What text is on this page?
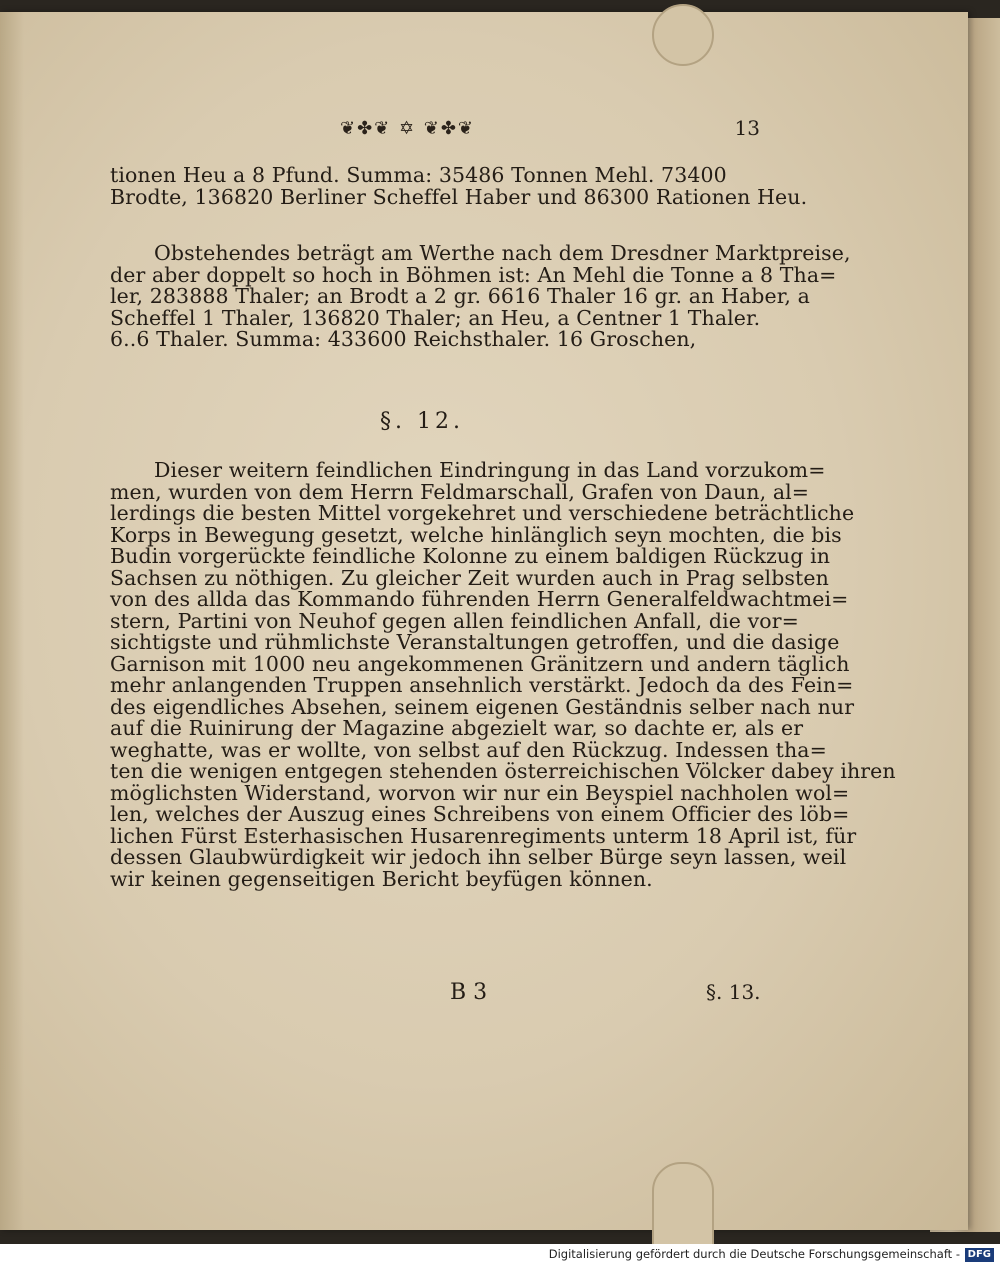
❦✤❦ ✡ ❦✤❦	13
tionen Heu a 8 Pfund. Summa: 35486 Tonnen Mehl. 73400
Brodte, 136820 Berliner Scheffel Haber und 86300 Rationen Heu.
Obstehendes beträgt am Werthe nach dem Dresdner Marktpreise,
der aber doppelt so hoch in Böhmen ist: An Mehl die Tonne a 8 Tha=
ler, 283888 Thaler; an Brodt a 2 gr. 6616 Thaler 16 gr. an Haber, a
Scheffel 1 Thaler, 136820 Thaler; an Heu, a Centner 1 Thaler.
6..6 Thaler. Summa: 433600 Reichsthaler. 16 Groschen,
§. 12.
Dieser weitern feindlichen Eindringung in das Land vorzukom=
men, wurden von dem Herrn Feldmarschall, Grafen von Daun, al=
lerdings die besten Mittel vorgekehret und verschiedene beträchtliche
Korps in Bewegung gesetzt, welche hinlänglich seyn mochten, die bis
Budin vorgerückte feindliche Kolonne zu einem baldigen Rückzug in
Sachsen zu nöthigen. Zu gleicher Zeit wurden auch in Prag selbsten
von des allda das Kommando führenden Herrn Generalfeldwachtmei=
stern, Partini von Neuhof gegen allen feindlichen Anfall, die vor=
sichtigste und rühmlichste Veranstaltungen getroffen, und die dasige
Garnison mit 1000 neu angekommenen Gränitzern und andern täglich
mehr anlangenden Truppen ansehnlich verstärkt. Jedoch da des Fein=
des eigendliches Absehen, seinem eigenen Geständnis selber nach nur
auf die Ruinirung der Magazine abgezielt war, so dachte er, als er
weghatte, was er wollte, von selbst auf den Rückzug. Indessen tha=
ten die wenigen entgegen stehenden österreichischen Völcker dabey ihren
möglichsten Widerstand, worvon wir nur ein Beyspiel nachholen wol=
len, welches der Auszug eines Schreibens von einem Officier des löb=
lichen Fürst Esterhasischen Husarenregiments unterm 18 April ist, für
dessen Glaubwürdigkeit wir jedoch ihn selber Bürge seyn lassen, weil
wir keinen gegenseitigen Bericht beyfügen können.
B 3	§. 13.
Digitalisierung gefördert durch die Deutsche Forschungsgemeinschaft - DFG
